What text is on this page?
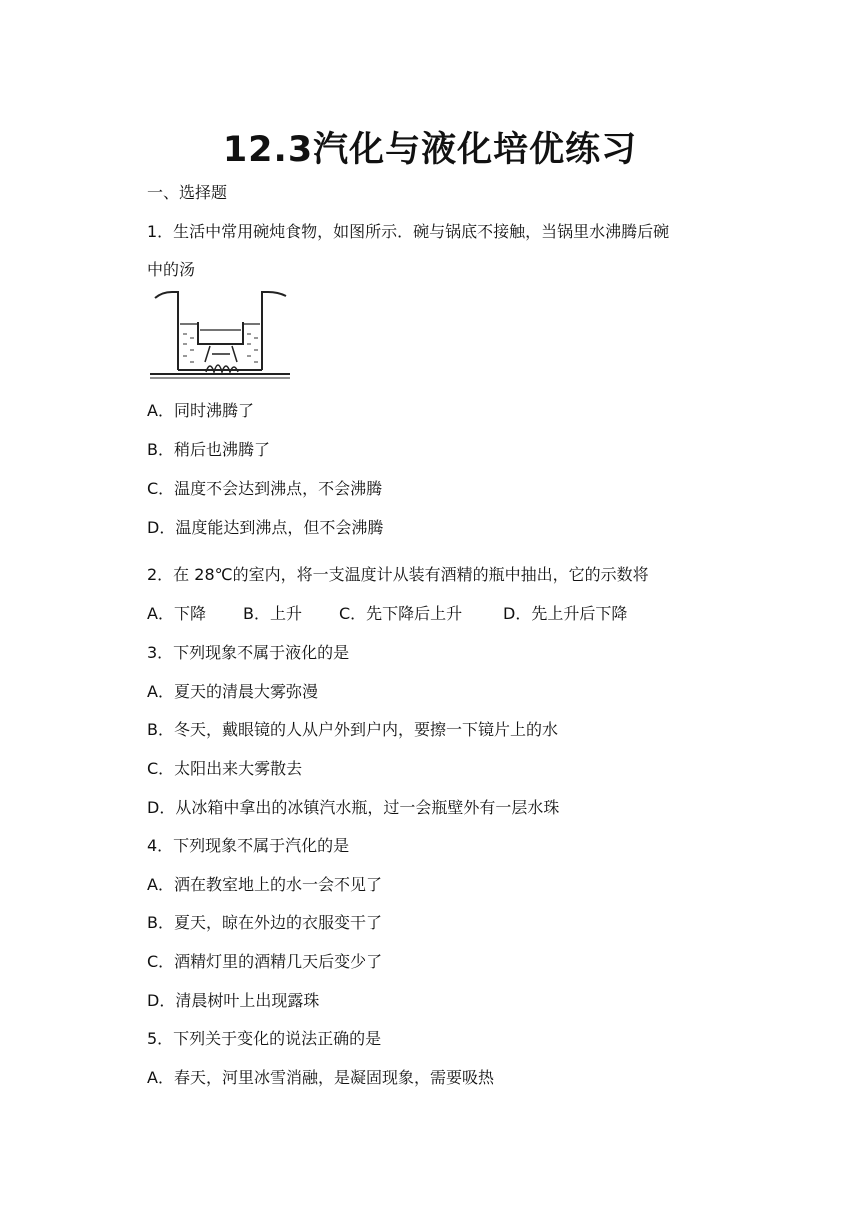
12.3汽化与液化培优练习
一、选择题
1．生活中常用碗炖食物，如图所示．碗与锅底不接触，当锅里水沸腾后碗
中的汤
A．同时沸腾了
B．稍后也沸腾了
C．温度不会达到沸点，不会沸腾
D．温度能达到沸点，但不会沸腾
2．在 28℃的室内，将一支温度计从装有酒精的瓶中抽出，它的示数将
A．下降 B．上升 C．先下降后上升	D．先上升后下降
3．下列现象不属于液化的是
A．夏天的清晨大雾弥漫
B．冬天，戴眼镜的人从户外到户内，要擦一下镜片上的水
C．太阳出来大雾散去
D．从冰箱中拿出的冰镇汽水瓶，过一会瓶壁外有一层水珠
4．下列现象不属于汽化的是
A．洒在教室地上的水一会不见了
B．夏天，晾在外边的衣服变干了
C．酒精灯里的酒精几天后变少了
D．清晨树叶上出现露珠
5．下列关于变化的说法正确的是
A．春天，河里冰雪消融，是凝固现象，需要吸热
